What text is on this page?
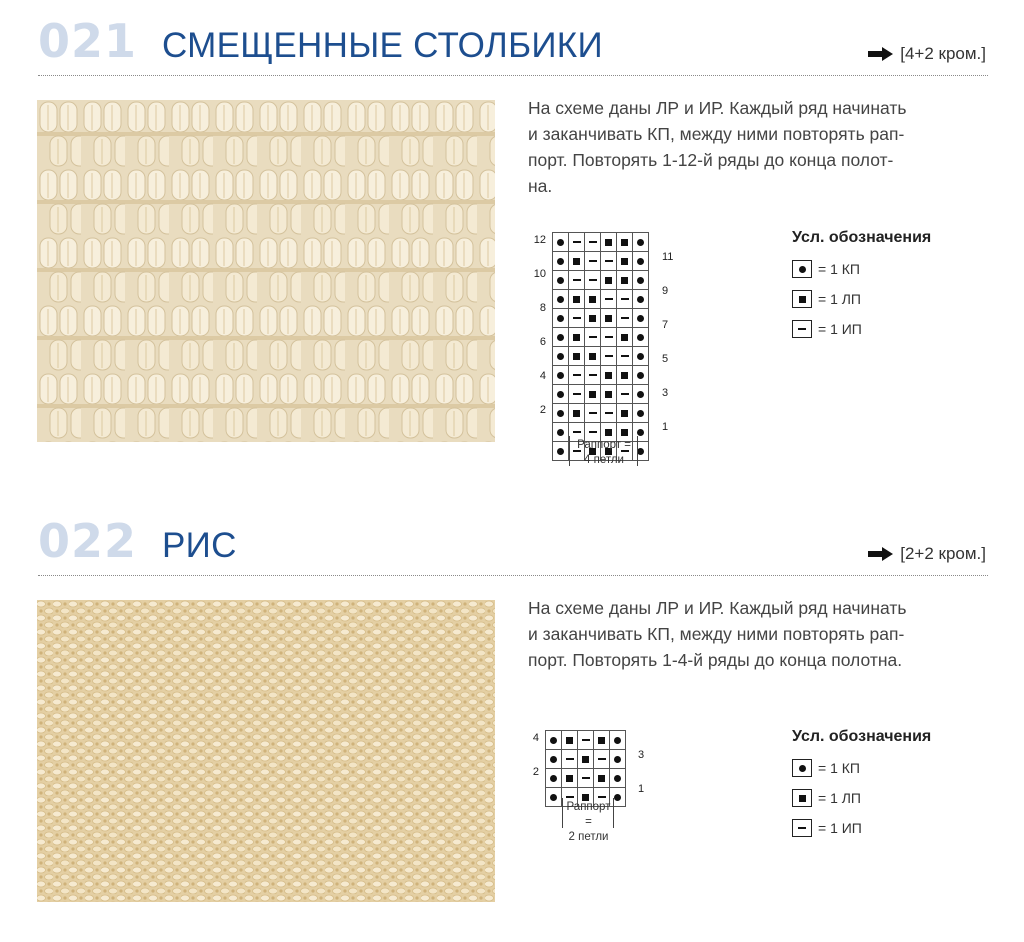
021 СМЕЩЕННЫЕ СТОЛБИКИ	[4+2 кром.]
На схеме даны ЛР и ИР. Каждый ряд начинать
и заканчивать КП, между ними повторять рап-
порт. Повторять 1-12-й ряды до конца полот-
на.

12
10
8
6
4
2
11
9
7
5
3
1
Раппорт =
4 петли
Усл. обозначения
= 1 КП
= 1 ЛП
= 1 ИП
022 РИС	[2+2 кром.]
На схеме даны ЛР и ИР. Каждый ряд начинать
и заканчивать КП, между ними повторять рап-
порт. Повторять 1-4-й ряды до конца полотна.

4
2
3
1
Раппорт =
2 петли
Усл. обозначения
= 1 КП
= 1 ЛП
= 1 ИП
